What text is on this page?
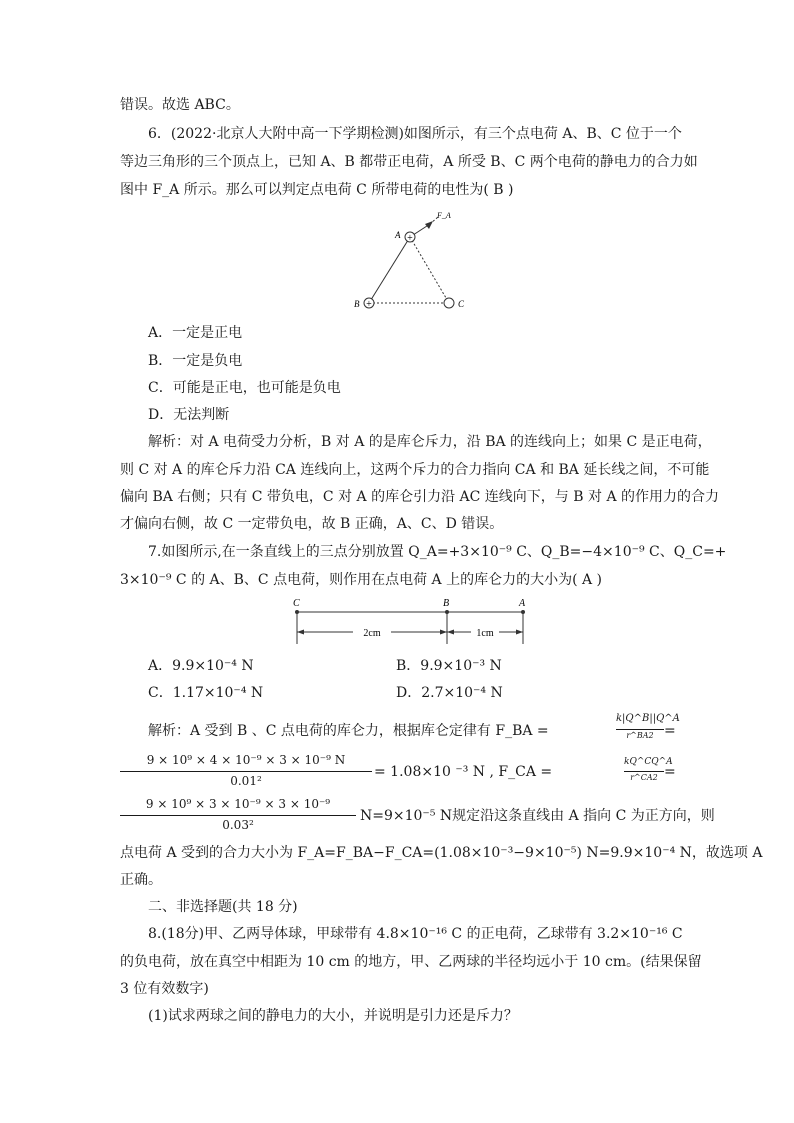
错误。故选 ABC。
6．(2022·北京人大附中高一下学期检测)如图所示，有三个点电荷 A、B、C 位于一个
等边三角形的三个顶点上，已知 A、B 都带正电荷，A 所受 B、C 两个电荷的静电力的合力如
图中 F_A 所示。那么可以判定点电荷 C 所带电荷的电性为( B )
+
+
A
B	C
F_A
A．一定是正电
B．一定是负电
C．可能是正电，也可能是负电
D．无法判断
解析：对 A 电荷受力分析，B 对 A 的是库仑斥力，沿 BA 的连线向上；如果 C 是正电荷，
则 C 对 A 的库仑斥力沿 CA 连线向上，这两个斥力的合力指向 CA 和 BA 延长线之间，不可能
偏向 BA 右侧；只有 C 带负电，C 对 A 的库仑引力沿 AC 连线向下，与 B 对 A 的作用力的合力
才偏向右侧，故 C 一定带负电，故 B 正确，A、C、D 错误。
7.如图所示,在一条直线上的三点分别放置 Q_A=+3×10⁻⁹ C、Q_B=−4×10⁻⁹ C、Q_C=+
3×10⁻⁹ C 的 A、B、C 点电荷，则作用在点电荷 A 上的库仑力的大小为( A )
C	B	A
2cm	1cm
A．9.9×10⁻⁴ N	B．9.9×10⁻³ N
C．1.17×10⁻⁴ N	D．2.7×10⁻⁴ N
解析：A 受到 B 、C 点电荷的库仑力，根据库仑定律有 F_BA =
k|Q^B||Q^A
r^BA2 =
9 × 10⁹ × 4 × 10⁻⁹ × 3 × 10⁻⁹ N
0.01²
= 1.08×10 ⁻³ N , F_CA =
kQ^CQ^A
r^CA2 =
9 × 10⁹ × 3 × 10⁻⁹ × 3 × 10⁻⁹
0.03²
N=9×10⁻⁵ N规定沿这条直线由 A 指向 C 为正方向，则
点电荷 A 受到的合力大小为 F_A=F_BA−F_CA=(1.08×10⁻³−9×10⁻⁵) N=9.9×10⁻⁴ N，故选项 A
正确。
二、非选择题(共 18 分)
8.(18分)甲、乙两导体球，甲球带有 4.8×10⁻¹⁶ C 的正电荷，乙球带有 3.2×10⁻¹⁶ C
的负电荷，放在真空中相距为 10 cm 的地方，甲、乙两球的半径均远小于 10 cm。(结果保留
3 位有效数字)
(1)试求两球之间的静电力的大小，并说明是引力还是斥力？
